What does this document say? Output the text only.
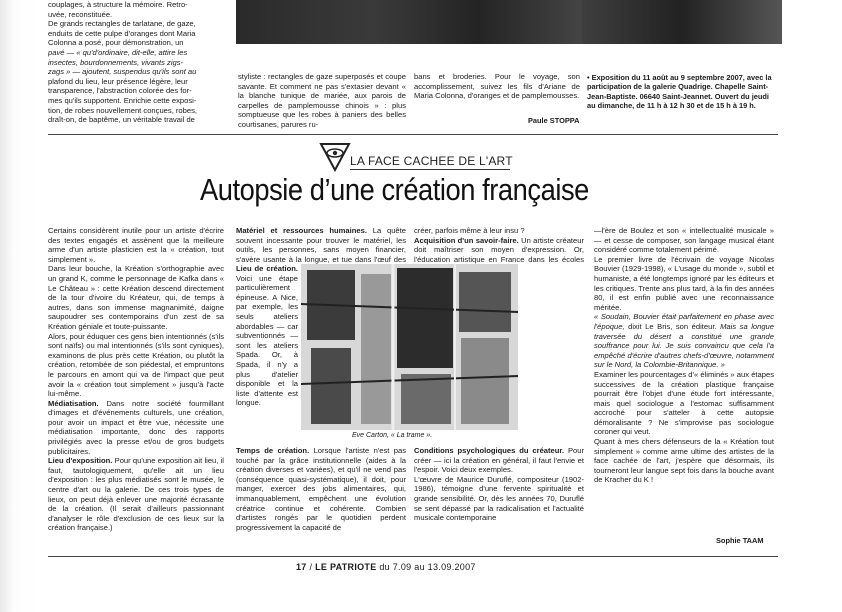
couplages, à structure la mémoire. Retro-
uvée, reconstituée.
De grands rectangles de tarlatane, de gaze,
enduits de cette pulpe d'oranges dont Maria
Colonna a posé, pour démonstration, un
pavé — « qu'd'ordinaire, dit-elle, attire les
insectes, bourdonnements, vivants zigs-
zags » — ajoutent, suspendus qu'ils sont au
plafond du lieu, leur présence légère, leur
transparence, l'abstraction colorée des for-
mes qu'ils supportent. Enrichie cette exposi-
tion, de robes nouvellement conçues, robes,
draît-on, de baptême, un véritable travail de

styliste : rectangles de gaze superposés et coupe savante. Et comment ne pas s'extasier devant « la blanche tunique de mariée, aux parois de carpelles de pamplemousse chinois » : plus somptueuse que les robes à paniers des belles courtisanes, parures ru-

bans et broderies. Pour le voyage, son accomplissement, suivez les fils d'Ariane de Maria Colonna, d'oranges et de pamplemousses.

Paule STOPPA
• Exposition du 11 août au 9 septembre 2007, avec la participation de la galerie Quadrige. Chapelle Saint-Jean-Baptiste. 06640 Saint-Jeannet. Ouvert du jeudi au dimanche, de 11 h à 12 h 30 et de 15 h à 19 h.
LA FACE CACHEE DE L'ART
Autopsie d’une création française

Certains considèrent inutile pour un artiste d'écrire des textes engagés et assènent que la meilleure arme d'un artiste plasticien est la « création, tout simplement ».
Dans leur bouche, la Kréation s'orthographie avec un grand K, comme le personnage de Kafka dans « Le Château » : cette Kréation descend directement de la tour d'ivoire du Kréateur, qui, de temps à autres, dans son immense magnanimité, daigne saupoudrer ses contemporains d'un zest de sa Kréation géniale et toute-puissante.
Alors, pour éduquer ces gens bien intentionnés (s'ils sont naïfs) ou mal intentionnés (s'ils sont cyniques), examinons de plus près cette Kréation, ou plutôt la création, retombée de son piédestal, et empruntons le parcours en amont qui va de l'impact que peut avoir la « création tout simplement » jusqu'à l'acte lui-même.

Médiatisation. Dans notre société fourmillant d'images et d'événements culturels, une création, pour avoir un impact et être vue, nécessite une médiatisation importante, donc des rapports privilégiés avec la presse et/ou de gros budgets publicitaires.

Lieu d'exposition. Pour qu'une exposition ait lieu, il faut, tautologiquement, qu'elle ait un lieu d'exposition : les plus médiatisés sont le musée, le centre d'art ou la galerie. De ces trois types de lieux, on peut déjà enlever une majorité écrasante de la création. (Il serait d'ailleurs passionnant d'analyser le rôle d'exclusion de ces lieux sur la création française.)

Matériel et ressources humaines. La quête souvent incessante pour trouver le matériel, les outils, les personnes, sans moyen financier, s'avère usante à la longue, et tue dans l'œuf des

Lieu de création. Voici une étape particulièrement épineuse. A Nice, par exemple, les seuls ateliers abordables — car subventionnés — sont les ateliers Spada. Or, à Spada, il n'y a plus d'atelier disponible et la liste d'attente est longue.

Temps de création. Lorsque l'artiste n'est pas touché par la grâce institutionnelle (aides à la création diverses et variées), et qu'il ne vend pas (conséquence quasi-systématique), il doit, pour manger, exercer des jobs alimentaires, qui, immanquablement, empêchent une évolution créatrice continue et cohérente. Combien d'artistes rongés par le quotidien perdent progressivement la capacité de

créer, parfois même à leur insu ?

Acquisition d'un savoir-faire. Un artiste créateur doit maîtriser son moyen d'expression. Or, l'éducation artistique en France dans les écoles

Conditions psychologiques du créateur. Pour créer — ici la création en général, il faut l'envie et l'espoir. Voici deux exemples.
L'œuvre de Maurice Duruflé, compositeur (1902-1986), témoigne d'une fervente spiritualité et grande sensibilité. Or, dès les années 70, Duruflé se sent dépassé par la radicalisation et l'actualité musicale contemporaine

—l'ère de Boulez et son « intellectualité musicale » — et cesse de composer, son langage musical étant considéré comme totalement périmé.
Le premier livre de l'écrivain de voyage Nicolas Bouvier (1929-1998), « L'usage du monde », subtil et humaniste, a été longtemps ignoré par les éditeurs et les critiques. Trente ans plus tard, à la fin des années 80, il est enfin publié avec une reconnaissance méritée.
« Soudain, Bouvier était parfaitement en phase avec l'époque, dixit Le Bris, son éditeur. Mais sa longue traversée du désert a constitué une grande souffrance pour lui. Je suis convaincu que cela l'a empêché d'écrire d'autres chefs-d'œuvre, notamment sur le Nord, la Colombie-Britannique. »
Examiner les pourcentages d'« éliminés » aux étapes successives de la création plastique française pourrait être l'objet d'une étude fort intéressante, mais quel sociologue a l'estomac suffisamment accroché pour s'atteler à cette autopsie démoralisante ? Ne s'improvise pas sociologue coroner qui veut.
Quant à mes chers défenseurs de la « Kréation tout simplement » comme arme ultime des artistes de la face cachée de l'art, j'espère que désormais, ils tourneront leur langue sept fois dans la bouche avant de Kracher du K !

Sophie TAAM
Eve Carton, « La trame ».
17 / LE PATRIOTE du 7.09 au 13.09.2007
